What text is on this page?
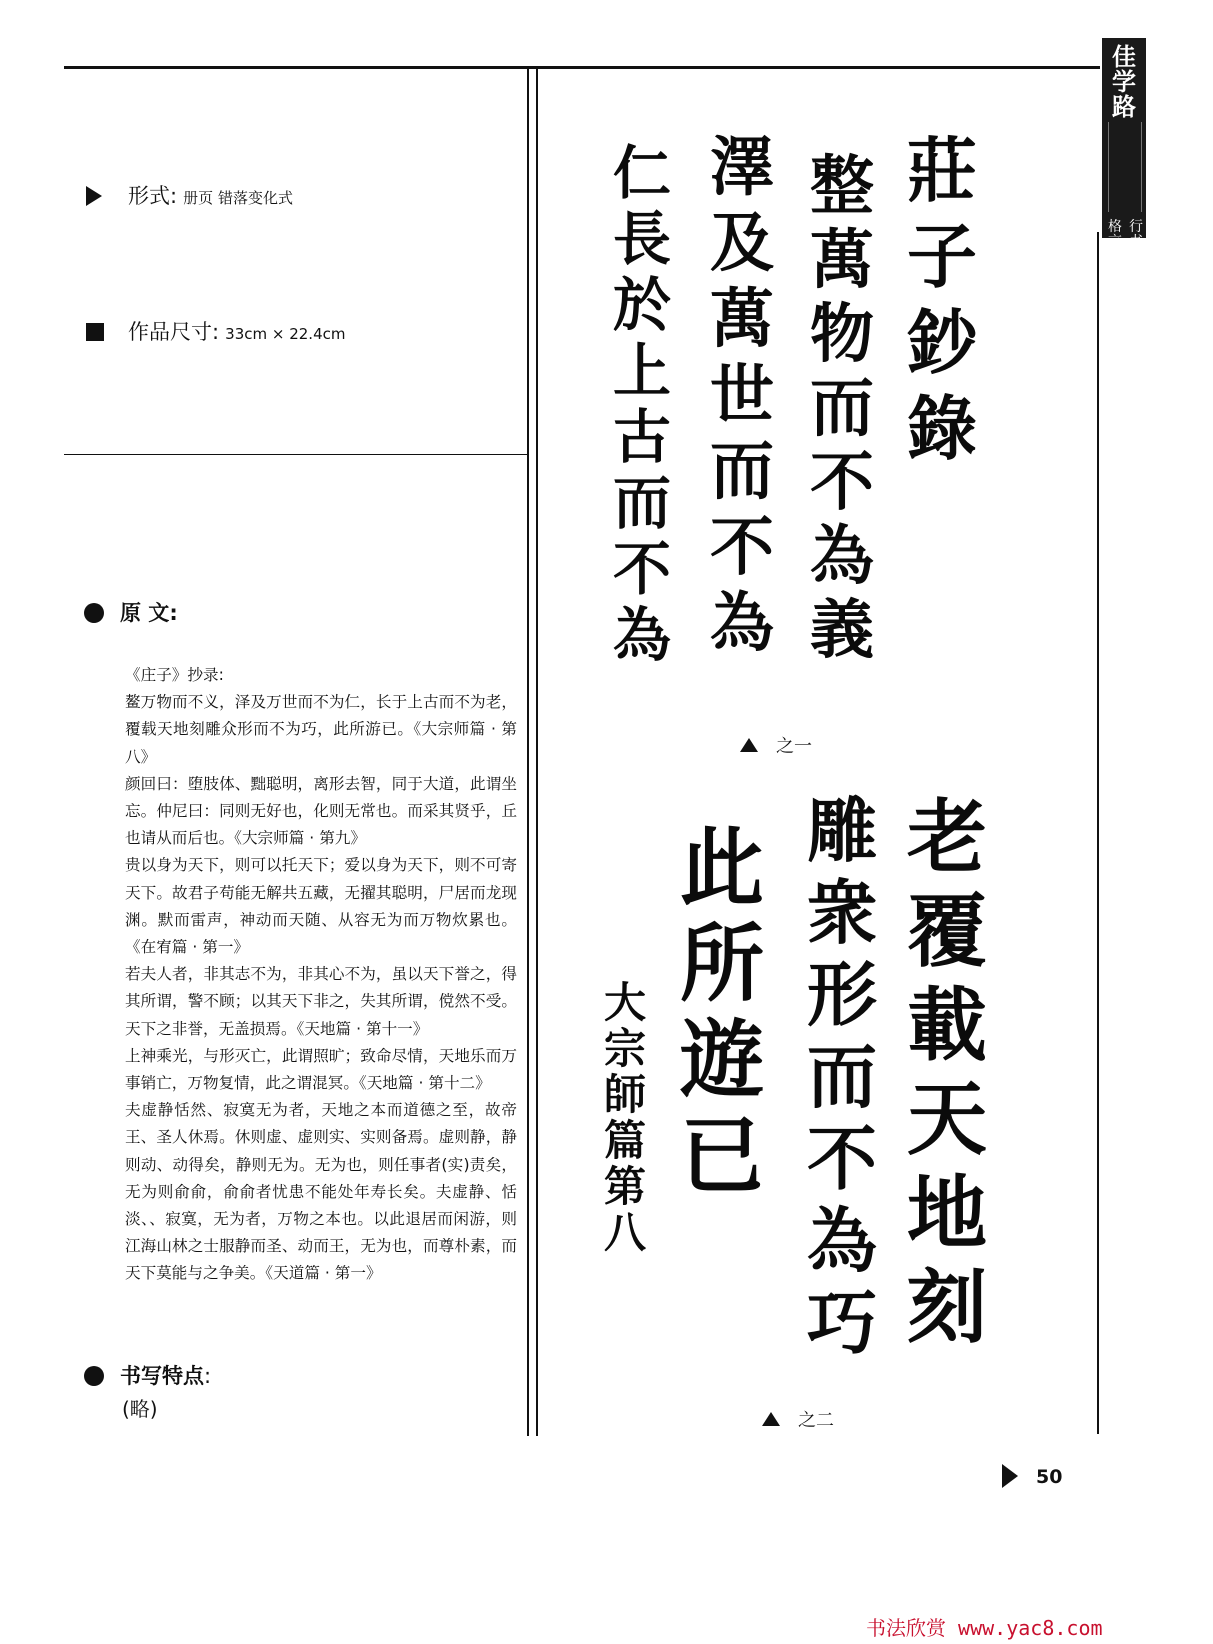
佳学路
格言
行书
形式: 册页 错落变化式
作品尺寸: 33cm × 22.4cm
原 文:

《庄子》抄录:

鳌万物而不义，泽及万世而不为仁，长于上古而不为老，覆载天地刻雕众形而不为巧，此所游已。《大宗师篇 · 第八》

颜回曰：堕肢体、黜聪明，离形去智，同于大道，此谓坐忘。仲尼曰：同则无好也，化则无常也。而采其贤乎，丘也请从而后也。《大宗师篇 · 第九》

贵以身为天下，则可以托天下；爱以身为天下，则不可寄天下。故君子苟能无解共五藏，无擢其聪明，尸居而龙现渊。默而雷声，神动而天随、从容无为而万物炊累也。《在宥篇 · 第一》

若夫人者，非其志不为，非其心不为，虽以天下誉之，得其所谓，警不顾；以其天下非之，失其所谓，傥然不受。天下之非誉，无盖损焉。《天地篇 · 第十一》

上神乘光，与形灭亡，此谓照旷；致命尽情，天地乐而万事销亡，万物复情，此之谓混冥。《天地篇 · 第十二》

夫虚静恬然、寂寞无为者，天地之本而道德之至，故帝王、圣人休焉。休则虚、虚则实、实则备焉。虚则静，静则动、动得矣，静则无为。无为也，则任事者(实)责矣，无为则俞俞，俞俞者忧患不能处年寿长矣。夫虚静、恬淡、、寂寞，无为者，万物之本也。以此退居而闲游，则江海山林之士服静而圣、动而王，无为也，而尊朴素，而天下莫能与之争美。《天道篇 · 第一》

书写特点:
(略)
莊子鈔錄
整萬物而不為義
澤及萬世而不為
仁長於上古而不為
之一
老覆載天地刻
雕衆形而不為巧
此所遊已
大宗師篇第八
之二
50
书法欣赏 www.yac8.com
